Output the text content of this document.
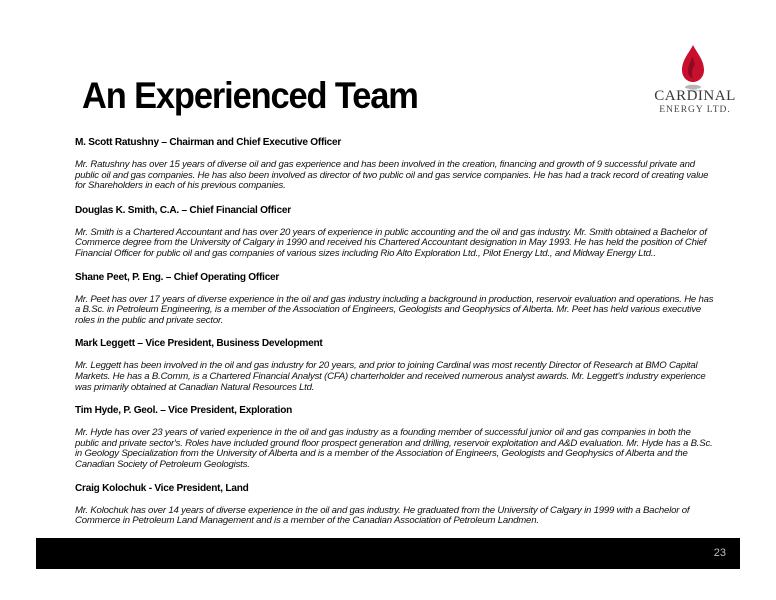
An Experienced Team	CARDINAL
ENERGY LTD.
M. Scott Ratushny – Chairman and Chief Executive Officer

Mr. Ratushny has over 15 years of diverse oil and gas experience and has been involved in the creation, financing and growth of 9 successful private and public oil and gas companies. He has also been involved as director of two public oil and gas service companies. He has had a track record of creating value for Shareholders in each of his previous companies.

Douglas K. Smith, C.A. – Chief Financial Officer

Mr. Smith is a Chartered Accountant and has over 20 years of experience in public accounting and the oil and gas industry. Mr. Smith obtained a Bachelor of Commerce degree from the University of Calgary in 1990 and received his Chartered Accountant designation in May 1993. He has held the position of Chief Financial Officer for public oil and gas companies of various sizes including Rio Alto Exploration Ltd., Pilot Energy Ltd., and Midway Energy Ltd..

Shane Peet, P. Eng. – Chief Operating Officer

Mr. Peet has over 17 years of diverse experience in the oil and gas industry including a background in production, reservoir evaluation and operations. He has a B.Sc. in Petroleum Engineering, is a member of the Association of Engineers, Geologists and Geophysics of Alberta. Mr. Peet has held various executive roles in the public and private sector.

Mark Leggett – Vice President, Business Development

Mr. Leggett has been involved in the oil and gas industry for 20 years, and prior to joining Cardinal was most recently Director of Research at BMO Capital Markets. He has a B.Comm, is a Chartered Financial Analyst (CFA) charterholder and received numerous analyst awards. Mr. Leggett's industry experience was primarily obtained at Canadian Natural Resources Ltd.

Tim Hyde, P. Geol. – Vice President, Exploration

Mr. Hyde has over 23 years of varied experience in the oil and gas industry as a founding member of successful junior oil and gas companies in both the public and private sector's. Roles have included ground floor prospect generation and drilling, reservoir exploitation and A&D evaluation. Mr. Hyde has a B.Sc. in Geology Specialization from the University of Alberta and is a member of the Association of Engineers, Geologists and Geophysics of Alberta and the Canadian Society of Petroleum Geologists.

Craig Kolochuk - Vice President, Land

Mr. Kolochuk has over 14 years of diverse experience in the oil and gas industry. He graduated from the University of Calgary in 1999 with a Bachelor of Commerce in Petroleum Land Management and is a member of the Canadian Association of Petroleum Landmen.

23
